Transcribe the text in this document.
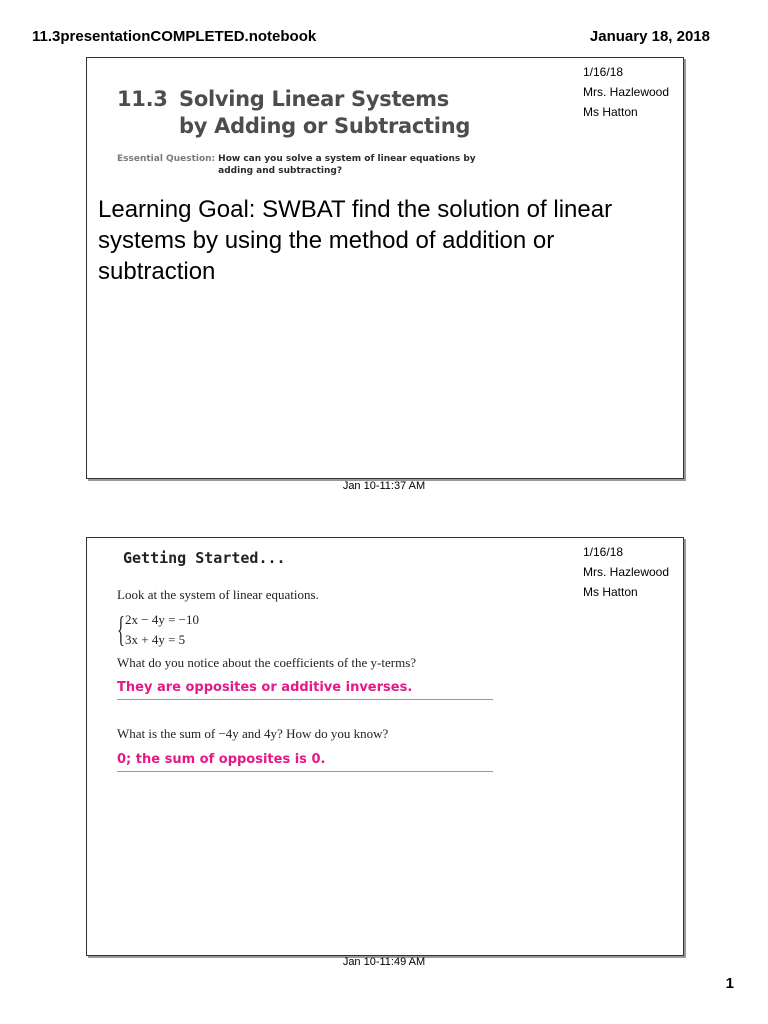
11.3presentationCOMPLETED.notebook	January 18, 2018
1/16/18
Mrs. Hazlewood
Ms Hatton
11.3 Solving Linear Systems
by Adding or Subtracting
Essential Question: How can you solve a system of linear equations by adding and subtracting?
Learning Goal: SWBAT find the solution of linear systems by using the method of addition or subtraction
Jan 10-11:37 AM
1/16/18
Mrs. Hazlewood
Ms Hatton
Getting Started...
Look at the system of linear equations.
{ 2x − 4y = −10
3x + 4y = 5
What do you notice about the coefficients of the y-terms?
They are opposites or additive inverses.
What is the sum of −4y and 4y? How do you know?
0; the sum of opposites is 0.
Jan 10-11:49 AM
1
